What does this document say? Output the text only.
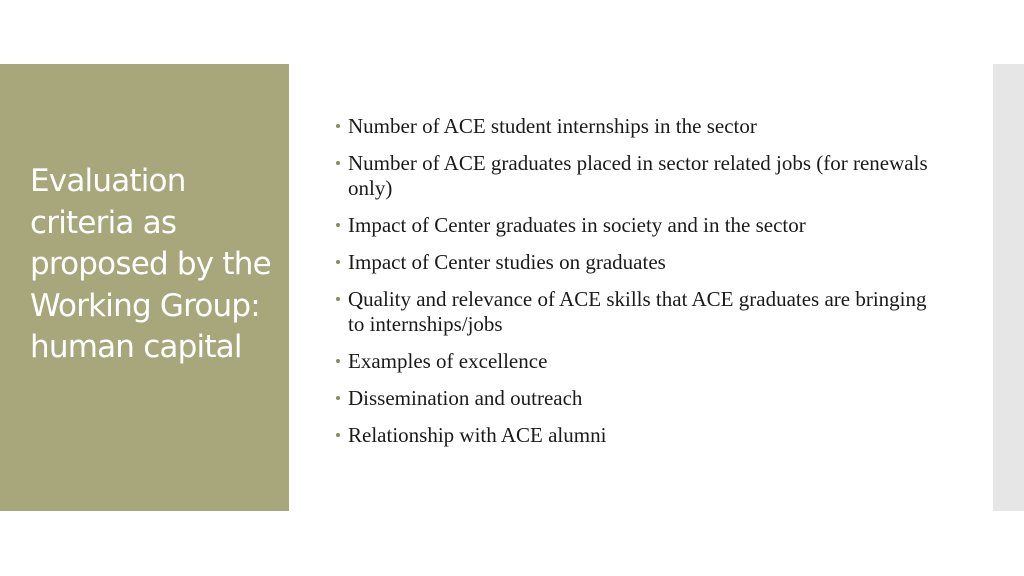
Evaluation criteria as proposed by the Working Group: human capital
Number of ACE student internships in the sector
Number of ACE graduates placed in sector related jobs (for renewals only)
Impact of Center graduates in society and in the sector
Impact of Center studies on graduates
Quality and relevance of ACE skills that ACE graduates are bringing to internships/jobs
Examples of excellence
Dissemination and outreach
Relationship with ACE alumni
